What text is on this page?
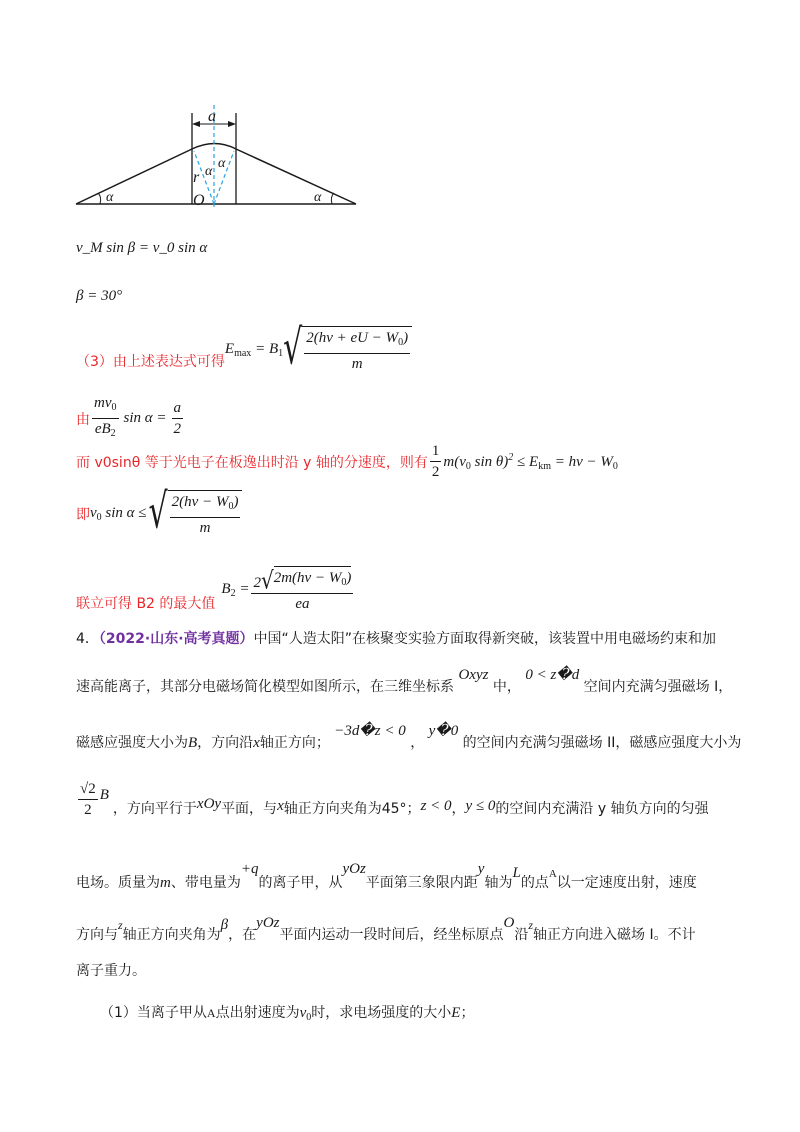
a
r α
α
O
α	α
v_M sin β = v_0 sin α
β = 30°
（3）由上述表达式可得
$E_{max} = B_1$ √ $\frac{2(h\nu + eU - W_0)}{m}$
由 $\frac{mv_0}{eB_2}$ $\sin \alpha = \frac{a}{2}$
而 v0sinθ 等于光电子在板逸出时沿 y 轴的分速度，则有 $\frac{1}{2} m(v_0$ $\sin \theta)^2 \le E_{km} = h\nu - W_0$
即 $v_0$ sin α ≤ √ $\frac{2(h\nu - W_0)}{m}$
联立可得 B2 的最大值
$B_2 = \frac{2 √ 2m(h\nu - W_0)}{ea}$
4．（2022·山东·高考真题）中国“人造太阳”在核聚变实验方面取得新突破，该装置中用电磁场约束和加
速高能离子，其部分电磁场简化模型如图所示，在三维坐标系 Oxyz 中， 0 < z�d 空间内充满匀强磁场 I，
磁感应强度大小为B，方向沿x轴正方向； −3d�z < 0 ， y�0 的空间内充满匀强磁场 II，磁感应强度大小为
$\frac{√2}{2}$ B
，方向平行于 xOy 平面，与 x 轴正方向夹角为45°； z < 0 ， y ≤ 0 的空间内充满沿 y 轴负方向的匀强
电场。质量为m、带电量为+q的离子甲，从yOz平面第三象限内距y轴为L的点$^A$以一定速度出射，速度
方向与z轴正方向夹角为β，在yOz平面内运动一段时间后，经坐标原点O沿z轴正方向进入磁场 I。不计
离子重力。
（1）当离子甲从A点出射速度为$v_0$时，求电场强度的大小E；
